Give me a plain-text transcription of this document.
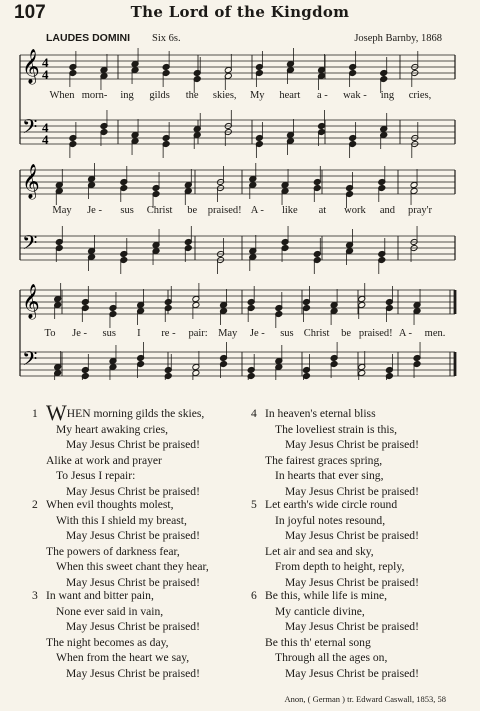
107	The Lord of the Kingdom
LAUDES DOMINI Six 6s.	Joseph Barnby, 1868
𝄞 4
4
𝄢 4
4
𝄞
𝄢
𝄞
𝄢
When morn- ing gilds the skies, My heart a - wak - ing cries,
May Je - sus Christ be praised! A - like at work and pray'r
To Je - sus I re - pair: May Je - sus Christ be praised! A - men.
1 WHEN morning gilds the skies,
My heart awaking cries,
May Jesus Christ be praised!
Alike at work and prayer
To Jesus I repair:
May Jesus Christ be praised!
2 When evil thoughts molest,
With this I shield my breast,
May Jesus Christ be praised!
The powers of darkness fear,
When this sweet chant they hear,
May Jesus Christ be praised!
3 In want and bitter pain,
None ever said in vain,
May Jesus Christ be praised!
The night becomes as day,
When from the heart we say,
May Jesus Christ be praised!
4 In heaven's eternal bliss
The loveliest strain is this,
May Jesus Christ be praised!
The fairest graces spring,
In hearts that ever sing,
May Jesus Christ be praised!
5 Let earth's wide circle round
In joyful notes resound,
May Jesus Christ be praised!
Let air and sea and sky,
From depth to height, reply,
May Jesus Christ be praised!
6 Be this, while life is mine,
My canticle divine,
May Jesus Christ be praised!
Be this th' eternal song
Through all the ages on,
May Jesus Christ be praised!
Anon, ( German ) tr. Edward Caswall, 1853, 58
